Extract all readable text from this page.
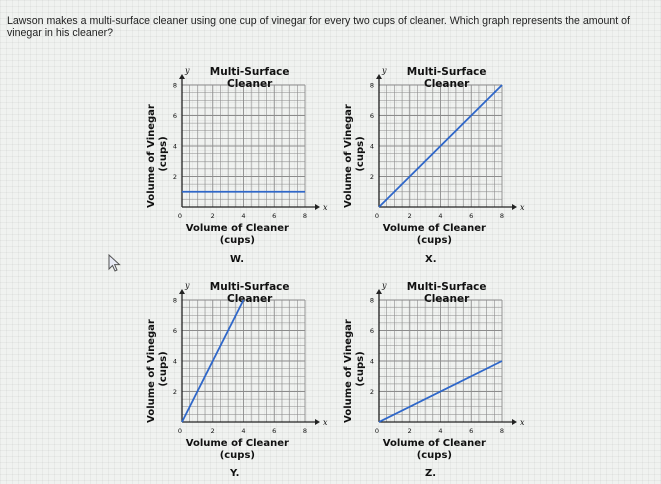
Lawson makes a multi-surface cleaner using one cup of vinegar for every two cups of cleaner. Which graph represents the amount of vinegar in his cleaner?
x
y
0	2	4	6	8
2
4
6
8
Multi-Surface
Cleaner
Volume of Cleaner
(cups)
Volume of Vinegar (cups)
x
y
0	2	4	6	8
2
4
6
8
Multi-Surface
Cleaner
Volume of Cleaner
(cups)
Volume of Vinegar (cups)
x
y
0	2	4	6	8
2
4
6
8
Multi-Surface
Cleaner
Volume of Cleaner
(cups)
Volume of Vinegar (cups)
x
y
0	2	4	6	8
2
4
6
8
Multi-Surface
Cleaner
Volume of Cleaner
(cups)
Volume of Vinegar (cups)
W.	X.
Y.	Z.
